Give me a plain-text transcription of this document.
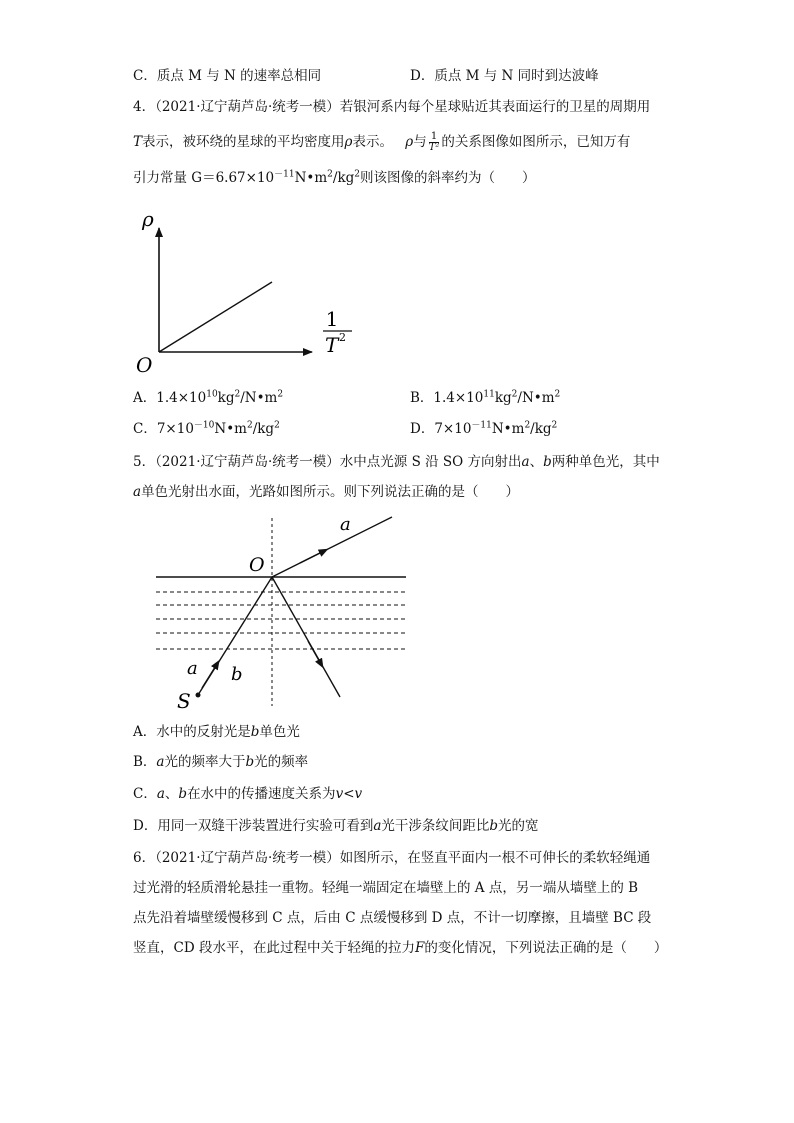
C．质点 M 与 N 的速率总相同	D．质点 M 与 N 同时到达波峰
4．（2021·辽宁葫芦岛·统考一模）若银河系内每个星球贴近其表面运行的卫星的周期用
T表示，被环绕的星球的平均密度用ρ表示。 ρ与 $\frac{1}{\text{T²}}$ 的关系图像如图所示，已知万有
引力常量 $G=6.67\times 10^{-11}N•m^2/kg^2$则该图像的斜率约为（　　）
ρ
O
1
T 2
A．$1.4\times 10^{10}kg^2/N•m^2$	B．$1.4\times 10^{11}kg^2/N•m^2$
C．$7\times 10^{-10}N•m^2/kg^2$	D．$7\times 10^{-11}N•m^2/kg^2$
5．（2021·辽宁葫芦岛·统考一模）水中点光源 S 沿 SO 方向射出a、b两种单色光，其中
a单色光射出水面，光路如图所示。则下列说法正确的是（　　）
a
O
a b
S
A．水中的反射光是b单色光
B．a光的频率大于b光的频率
C．a、b在水中的传播速度关系为v<v
D．用同一双缝干涉装置进行实验可看到a光干涉条纹间距比b光的宽
6．（2021·辽宁葫芦岛·统考一模）如图所示，在竖直平面内一根不可伸长的柔软轻绳通
过光滑的轻质滑轮悬挂一重物。轻绳一端固定在墙壁上的 A 点，另一端从墙壁上的 B
点先沿着墙壁缓慢移到 C 点，后由 C 点缓慢移到 D 点，不计一切摩擦，且墙壁 BC 段
竖直，CD 段水平，在此过程中关于轻绳的拉力F的变化情况，下列说法正确的是（　　）
